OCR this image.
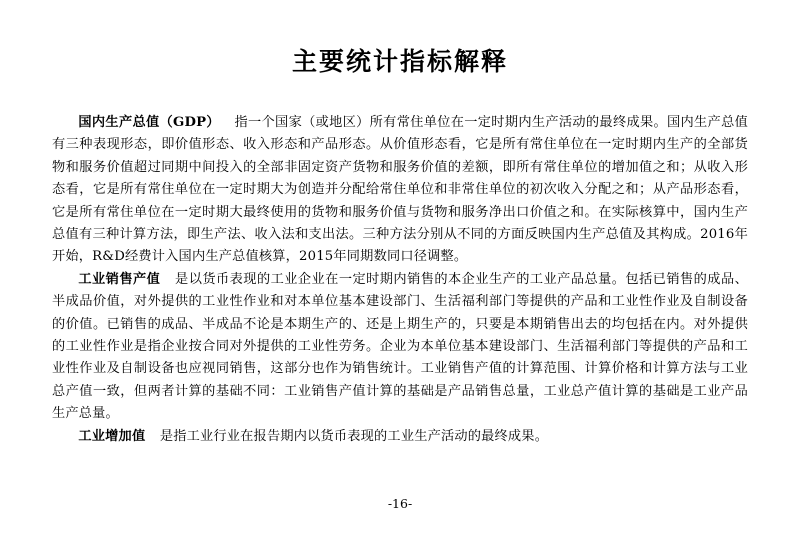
主要统计指标解释

国内生产总值（GDP） 指一个国家（或地区）所有常住单位在一定时期内生产活动的最终成果。国内生产总值有三种表现形态，即价值形态、收入形态和产品形态。从价值形态看，它是所有常住单位在一定时期内生产的全部货物和服务价值超过同期中间投入的全部非固定资产货物和服务价值的差额，即所有常住单位的增加值之和；从收入形态看，它是所有常住单位在一定时期大为创造并分配给常住单位和非常住单位的初次收入分配之和；从产品形态看，它是所有常住单位在一定时期大最终使用的货物和服务价值与货物和服务净出口价值之和。在实际核算中，国内生产总值有三种计算方法，即生产法、收入法和支出法。三种方法分别从不同的方面反映国内生产总值及其构成。2016年开始，R&D经费计入国内生产总值核算，2015年同期数同口径调整。

工业销售产值 是以货币表现的工业企业在一定时期内销售的本企业生产的工业产品总量。包括已销售的成品、半成品价值，对外提供的工业性作业和对本单位基本建设部门、生活福利部门等提供的产品和工业性作业及自制设备的价值。已销售的成品、半成品不论是本期生产的、还是上期生产的，只要是本期销售出去的均包括在内。对外提供的工业性作业是指企业按合同对外提供的工业性劳务。企业为本单位基本建设部门、生活福利部门等提供的产品和工业性作业及自制设备也应视同销售，这部分也作为销售统计。工业销售产值的计算范围、计算价格和计算方法与工业总产值一致，但两者计算的基础不同：工业销售产值计算的基础是产品销售总量，工业总产值计算的基础是工业产品生产总量。

工业增加值 是指工业行业在报告期内以货币表现的工业生产活动的最终成果。

-16-
